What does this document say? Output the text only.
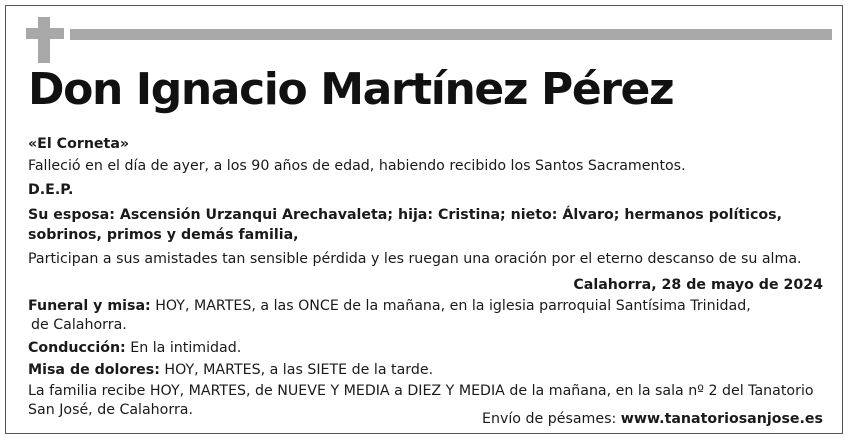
Don Ignacio Martínez Pérez
«El Corneta»
Falleció en el día de ayer, a los 90 años de edad, habiendo recibido los Santos Sacramentos.
D.E.P.
Su esposa: Ascensión Urzanqui Arechavaleta; hija: Cristina; nieto: Álvaro; hermanos políticos,
sobrinos, primos y demás familia,
Participan a sus amistades tan sensible pérdida y les ruegan una oración por el eterno descanso de su alma.
Calahorra, 28 de mayo de 2024
Funeral y misa: HOY, MARTES, a las ONCE de la mañana, en la iglesia parroquial Santísima Trinidad,
de Calahorra.
Conducción: En la intimidad.
Misa de dolores: HOY, MARTES, a las SIETE de la tarde.
La familia recibe HOY, MARTES, de NUEVE Y MEDIA a DIEZ Y MEDIA de la mañana, en la sala nº 2 del Tanatorio
San José, de Calahorra.
Envío de pésames: www.tanatoriosanjose.es
